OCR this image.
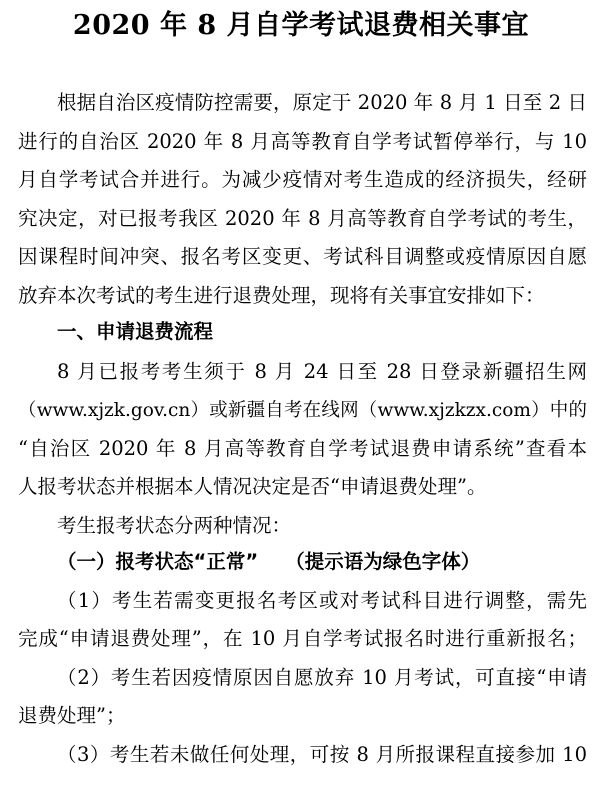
2020 年 8 月自学考试退费相关事宜
根据自治区疫情防控需要，原定于 2020 年 8 月 1 日至 2 日
进行的自治区 2020 年 8 月高等教育自学考试暂停举行，与 10
月自学考试合并进行。为减少疫情对考生造成的经济损失，经研
究决定，对已报考我区 2020 年 8 月高等教育自学考试的考生，
因课程时间冲突、报名考区变更、考试科目调整或疫情原因自愿
放弃本次考试的考生进行退费处理，现将有关事宜安排如下：
一、申请退费流程
8 月已报考考生须于 8 月 24 日至 28 日登录新疆招生网
（www.xjzk.gov.cn）或新疆自考在线网（www.xjzkzx.com）中的
“自治区 2020 年 8 月高等教育自学考试退费申请系统”查看本
人报考状态并根据本人情况决定是否“申请退费处理”。
考生报考状态分两种情况：
（一）报考状态“正常”    （提示语为绿色字体）
（1）考生若需变更报名考区或对考试科目进行调整，需先
完成“申请退费处理”，在 10 月自学考试报名时进行重新报名；
（2）考生若因疫情原因自愿放弃 10 月考试，可直接“申请
退费处理”；
（3）考生若未做任何处理，可按 8 月所报课程直接参加 10
